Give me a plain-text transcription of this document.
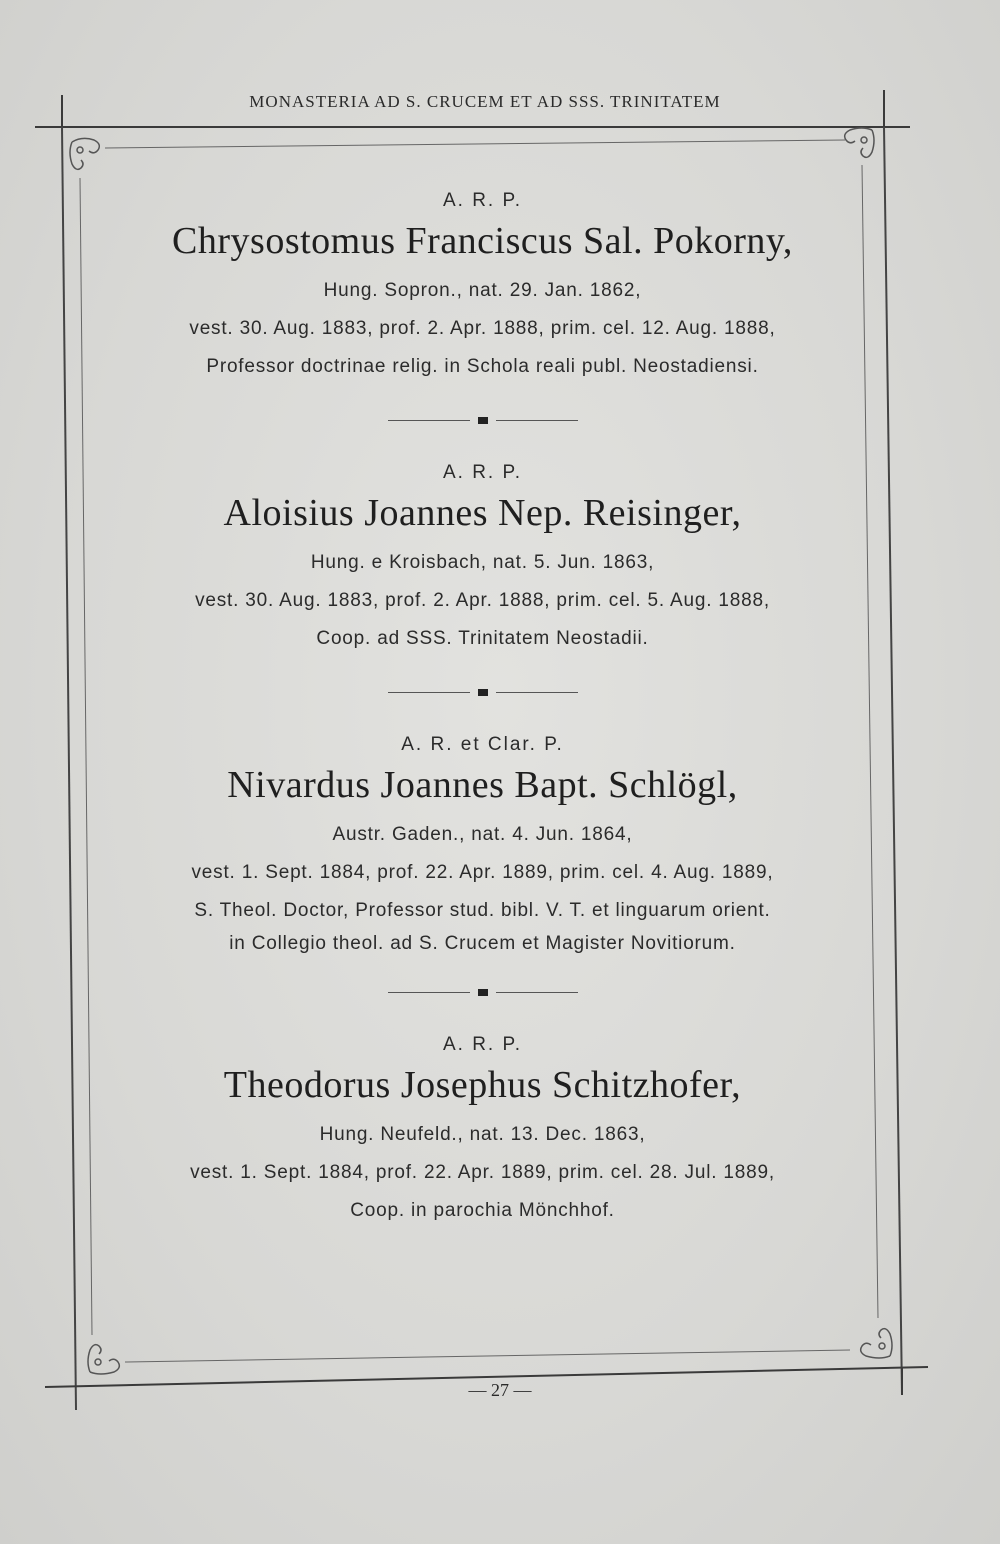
MONASTERIA AD S. CRUCEM ET AD SSS. TRINITATEM
A. R. P.
Chrysostomus Franciscus Sal. Pokorny,
Hung. Sopron., nat. 29. Jan. 1862,
vest. 30. Aug. 1883, prof. 2. Apr. 1888, prim. cel. 12. Aug. 1888,
Professor doctrinae relig. in Schola reali publ. Neostadiensi.
A. R. P.
Aloisius Joannes Nep. Reisinger,
Hung. e Kroisbach, nat. 5. Jun. 1863,
vest. 30. Aug. 1883, prof. 2. Apr. 1888, prim. cel. 5. Aug. 1888,
Coop. ad SSS. Trinitatem Neostadii.
A. R. et Clar. P.
Nivardus Joannes Bapt. Schlögl,
Austr. Gaden., nat. 4. Jun. 1864,
vest. 1. Sept. 1884, prof. 22. Apr. 1889, prim. cel. 4. Aug. 1889,
S. Theol. Doctor, Professor stud. bibl. V. T. et linguarum orient.
in Collegio theol. ad S. Crucem et Magister Novitiorum.
A. R. P.
Theodorus Josephus Schitzhofer,
Hung. Neufeld., nat. 13. Dec. 1863,
vest. 1. Sept. 1884, prof. 22. Apr. 1889, prim. cel. 28. Jul. 1889,
Coop. in parochia Mönchhof.
— 27 —
